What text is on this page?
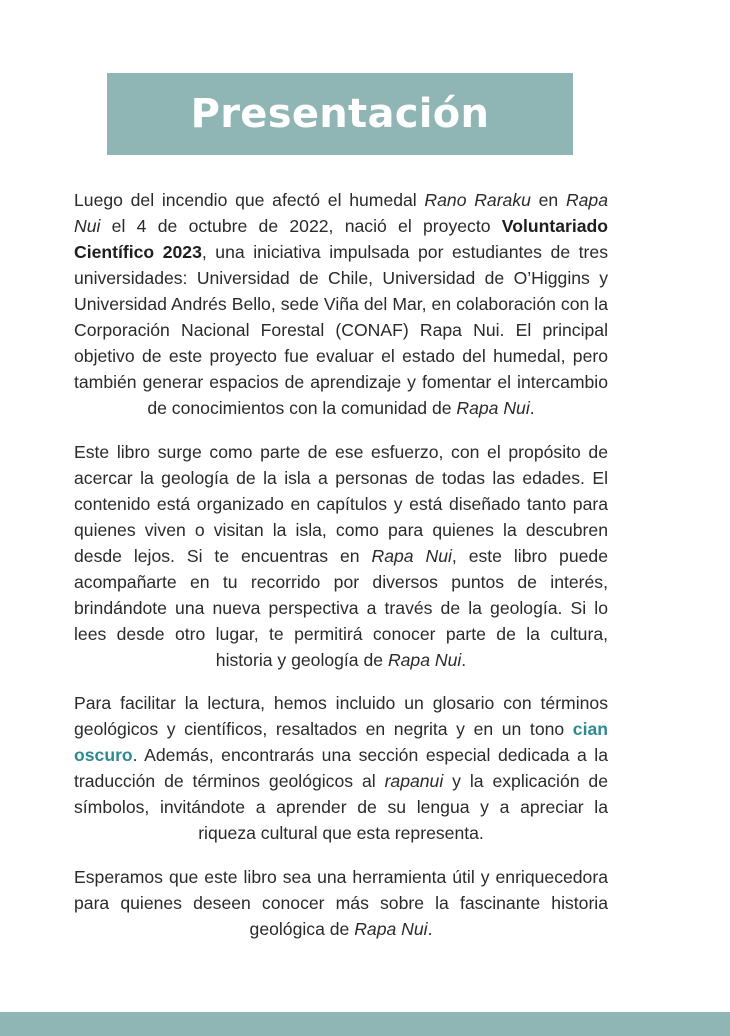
Presentación

Luego del incendio que afectó el humedal Rano Raraku en Rapa Nui el 4 de octubre de 2022, nació el proyecto Voluntariado Científico 2023, una iniciativa impulsada por estudiantes de tres universidades: Universidad de Chile, Universidad de O’Higgins y Universidad Andrés Bello, sede Viña del Mar, en colaboración con la Corporación Nacional Forestal (CONAF) Rapa Nui. El principal objetivo de este proyecto fue evaluar el estado del humedal, pero también generar espacios de aprendizaje y fomentar el intercambio de conocimientos con la comunidad de Rapa Nui.

Este libro surge como parte de ese esfuerzo, con el propósito de acercar la geología de la isla a personas de todas las edades. El contenido está organizado en capítulos y está diseñado tanto para quienes viven o visitan la isla, como para quienes la descubren desde lejos. Si te encuentras en Rapa Nui, este libro puede acompañarte en tu recorrido por diversos puntos de interés, brindándote una nueva perspectiva a través de la geología. Si lo lees desde otro lugar, te permitirá conocer parte de la cultura, historia y geología de Rapa Nui.

Para facilitar la lectura, hemos incluido un glosario con términos geológicos y científicos, resaltados en negrita y en un tono cian oscuro. Además, encontrarás una sección especial dedicada a la traducción de términos geológicos al rapanui y la explicación de símbolos, invitándote a aprender de su lengua y a apreciar la riqueza cultural que esta representa.

Esperamos que este libro sea una herramienta útil y enriquecedora para quienes deseen conocer más sobre la fascinante historia geológica de Rapa Nui.
